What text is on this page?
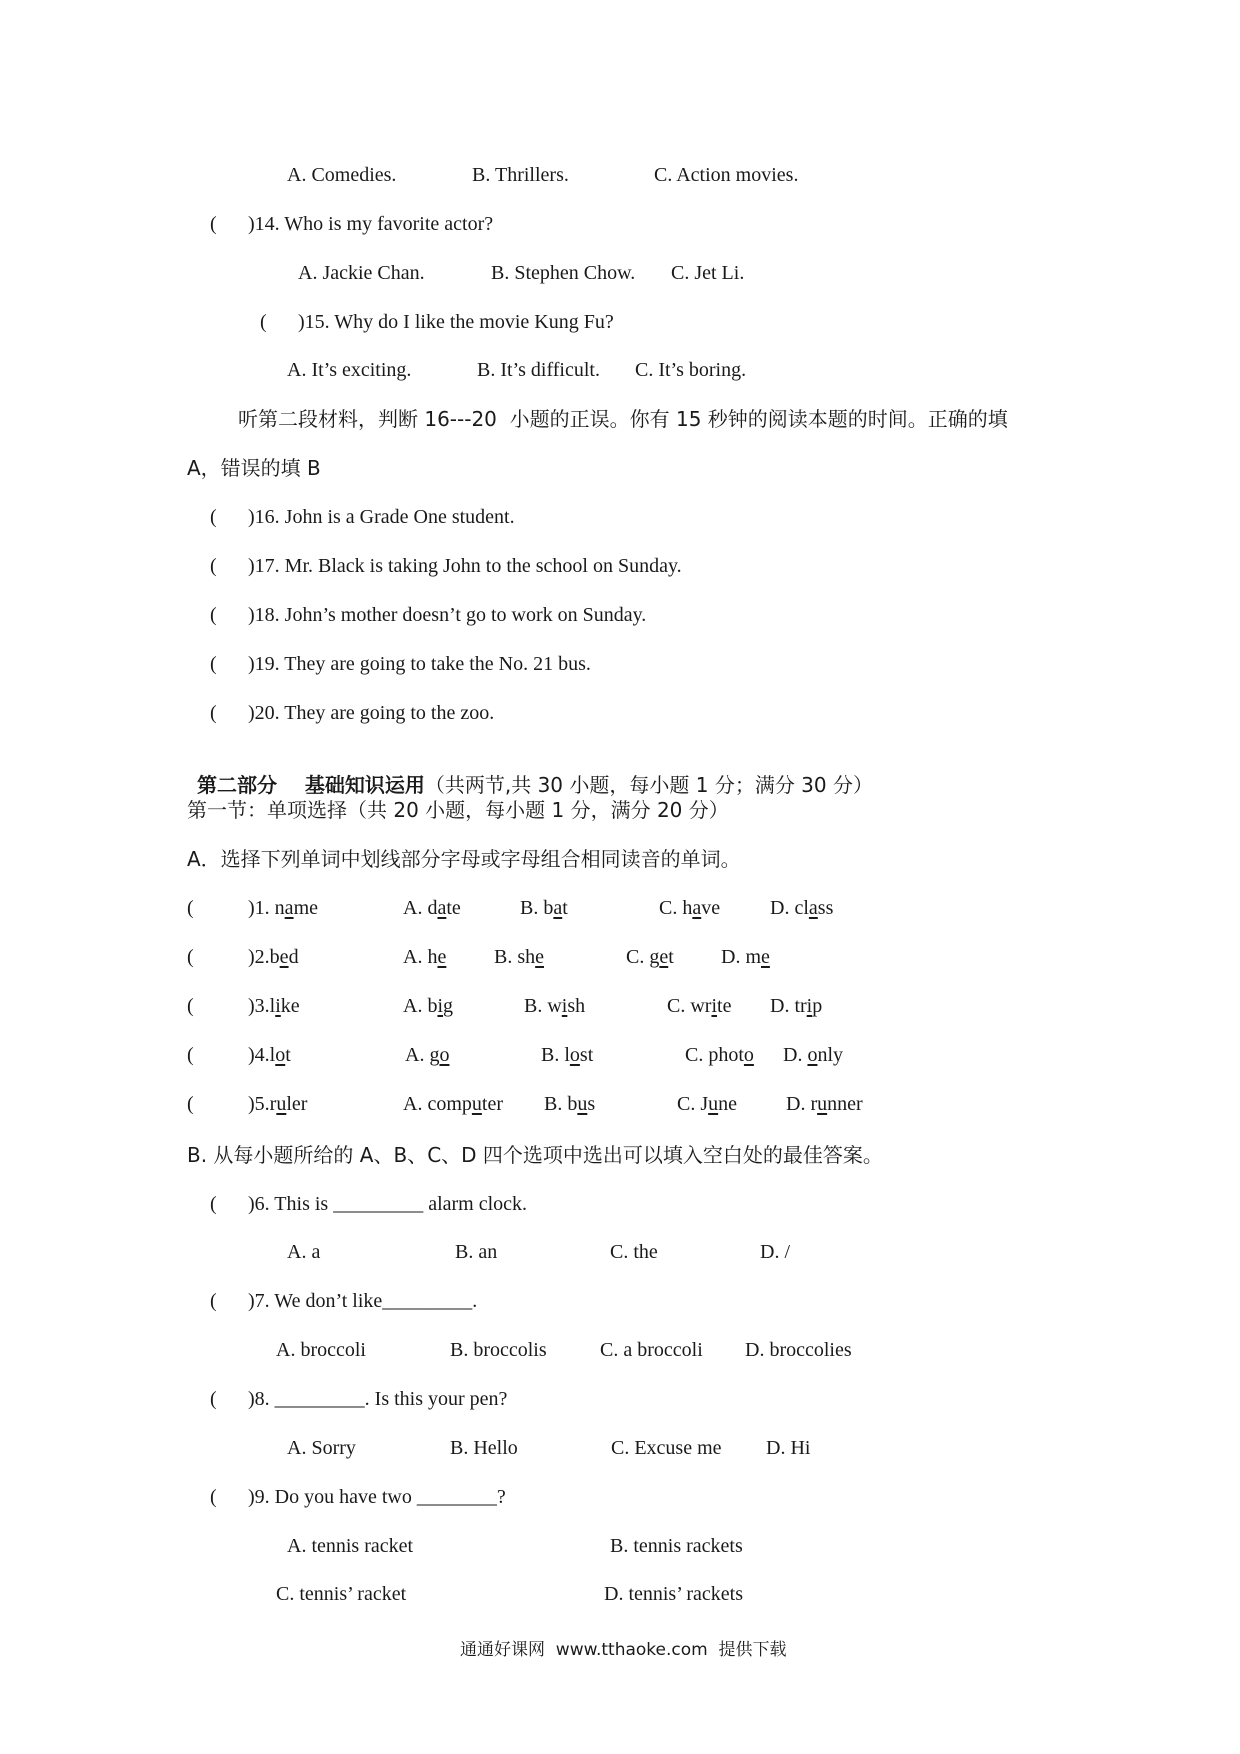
A. Comedies.	B. Thrillers.	C. Action movies.
( )14. Who is my favorite actor?
A. Jackie Chan.	B. Stephen Chow. C. Jet Li.
( )15. Why do I like the movie Kung Fu?
A. It’s exciting.	B. It’s difficult. C. It’s boring.
听第二段材料，判断 16---20  小题的正误。你有 15 秒钟的阅读本题的时间。正确的填
A，错误的填 B
( )16. John is a Grade One student.
( )17. Mr. Black is taking John to the school on Sunday.
( )18. John’s mother doesn’t go to work on Sunday.
( )19. They are going to take the No. 21 bus.
( )20. They are going to the zoo.

第二部分    基础知识运用（共两节,共 30 小题，每小题 1 分；满分 30 分）

第一节：单项选择（共 20 小题，每小题 1 分，满分 20 分）
A．选择下列单词中划线部分字母或字母组合相同读音的单词。
(	)1. name	A. date	B. bat	C. have D. class
(	)2.bed	A. he B. she	C. get D. me
(	)3.like	A. big	B. wish	C. write D. trip
(	)4.lot	A. go	B. lost	C. photo D. only
(	)5.ruler	A. computer B. bus	C. June D. runner
B. 从每小题所给的 A、B、C、D 四个选项中选出可以填入空白处的最佳答案。
( )6. This is _________ alarm clock.
A. a	B. an	C. the	D. /
( )7. We don’t like_________.
A. broccoli	B. broccolis	C. a broccoli D. broccolies
( )8. _________. Is this your pen?
A. Sorry	B. Hello	C. Excuse me D. Hi
( )9. Do you have two ________?
A. tennis racket	B. tennis rackets
C. tennis’ racket	D. tennis’ rackets
通通好课网  www.tthaoke.com  提供下载
